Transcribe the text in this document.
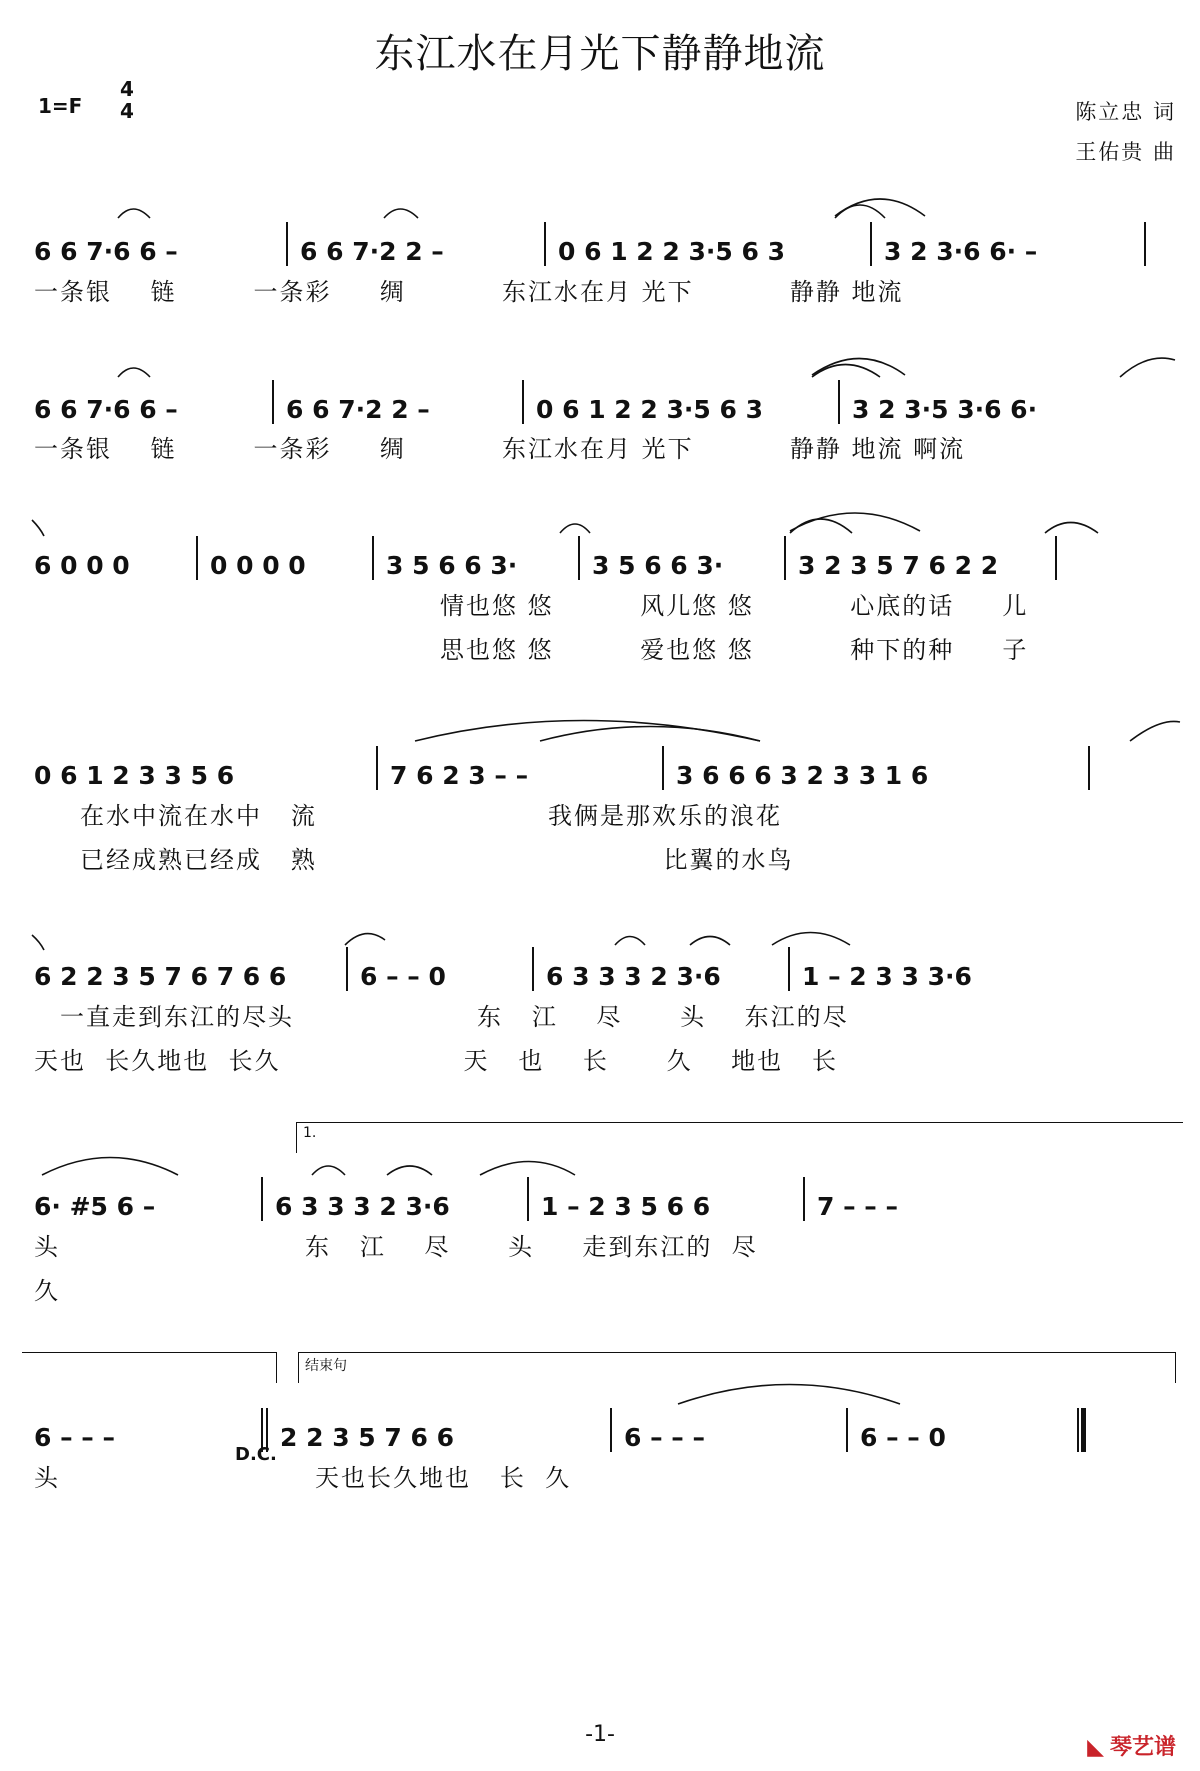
东江水在月光下静静地流
1=F
4
4	陈立忠 词
王佑贵 曲
6 6 7·6 6 –	6 6 7·2 2 –	0 6 1 2 2 3·5 6 3	3 2 3·6 6· –
一条银    链        一条彩     绸          东江水在月 光下          静静 地流
6 6 7·6 6 –	6 6 7·2 2 –	0 6 1 2 2 3·5 6 3	3 2 3·5 3·6 6·
一条银    链        一条彩     绸          东江水在月 光下          静静 地流 啊流
6 0 0 0	0 0 0 0	3 5 6 6 3·	3 5 6 6 3·	3 2 3 5 7 6 2 2
情也悠 悠         风儿悠 悠          心底的话     儿
思也悠 悠         爱也悠 悠          种下的种     子
0 6 1 2 3 3 5 6	7 6 2 3 – –	3 6 6 6 3 2 3 3 1 6
在水中流在水中   流                        我俩是那欢乐的浪花
已经成熟已经成   熟                                    比翼的水鸟
6 2 2 3 5 7 6 7 6 6	6 – – 0	6 3 3 3 2 3·6	1 – 2 3 3 3·6
一直走到东江的尽头                   东   江    尽      头    东江的尽
天也  长久地也  长久                   天   也    长      久    地也   长
1.
6· #5 6 –	6 3 3 3 2 3·6	1 – 2 3 5 6 6	7 – – –
头
久
东   江    尽      头     走到东江的  尽
结束句
6 – – –	2 2 3 5 7 6 6	6 – – –	6 – – 0
D.C.
头	天也长久地也   长  久
-1-
◣ 琴艺谱
